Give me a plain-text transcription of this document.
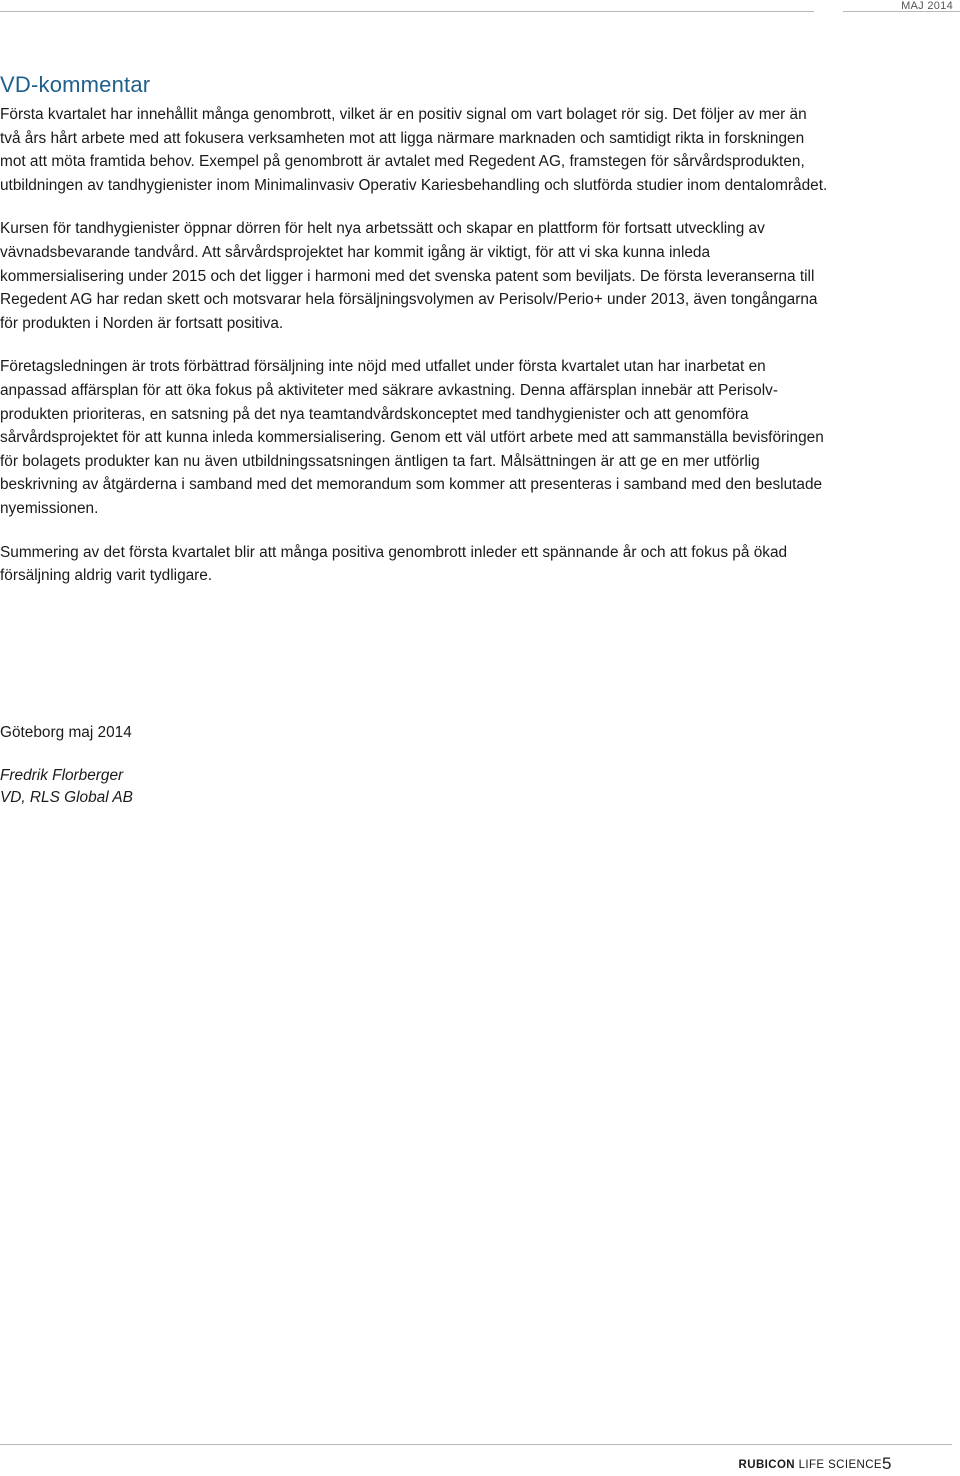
MAJ 2014
VD-kommentar

Första kvartalet har innehållit många genombrott, vilket är en positiv signal om vart bolaget rör sig. Det följer av mer än två års hårt arbete med att fokusera verksamheten mot att ligga närmare marknaden och samtidigt rikta in forskningen mot att möta framtida behov. Exempel på genombrott är avtalet med Regedent AG, framstegen för sårvårdsprodukten, utbildningen av tandhygienister inom Minimalinvasiv Operativ Kariesbehandling och slutförda studier inom dentalområdet.

Kursen för tandhygienister öppnar dörren för helt nya arbetssätt och skapar en plattform för fortsatt utveckling av vävnadsbevarande tandvård. Att sårvårdsprojektet har kommit igång är viktigt, för att vi ska kunna inleda kommersialisering under 2015 och det ligger i harmoni med det svenska patent som beviljats. De första leveranserna till Regedent AG har redan skett och motsvarar hela försäljningsvolymen av Perisolv/Perio+ under 2013, även tongångarna för produkten i Norden är fortsatt positiva.

Företagsledningen är trots förbättrad försäljning inte nöjd med utfallet under första kvartalet utan har inarbetat en anpassad affärsplan för att öka fokus på aktiviteter med säkrare avkastning. Denna affärsplan innebär att Perisolv-produkten prioriteras, en satsning på det nya teamtandvårdskonceptet med tandhygienister och att genomföra sårvårdsprojektet för att kunna inleda kommersialisering. Genom ett väl utfört arbete med att sammanställa bevisföringen för bolagets produkter kan nu även utbildningssatsningen äntligen ta fart. Målsättningen är att ge en mer utförlig beskrivning av åtgärderna i samband med det memorandum som kommer att presenteras i samband med den beslutade nyemissionen.

Summering av det första kvartalet blir att många positiva genombrott inleder ett spännande år och att fokus på ökad försäljning aldrig varit tydligare.

Göteborg maj 2014
Fredrik Florberger
VD, RLS Global AB
RUBICON LIFE SCIENCE 5
